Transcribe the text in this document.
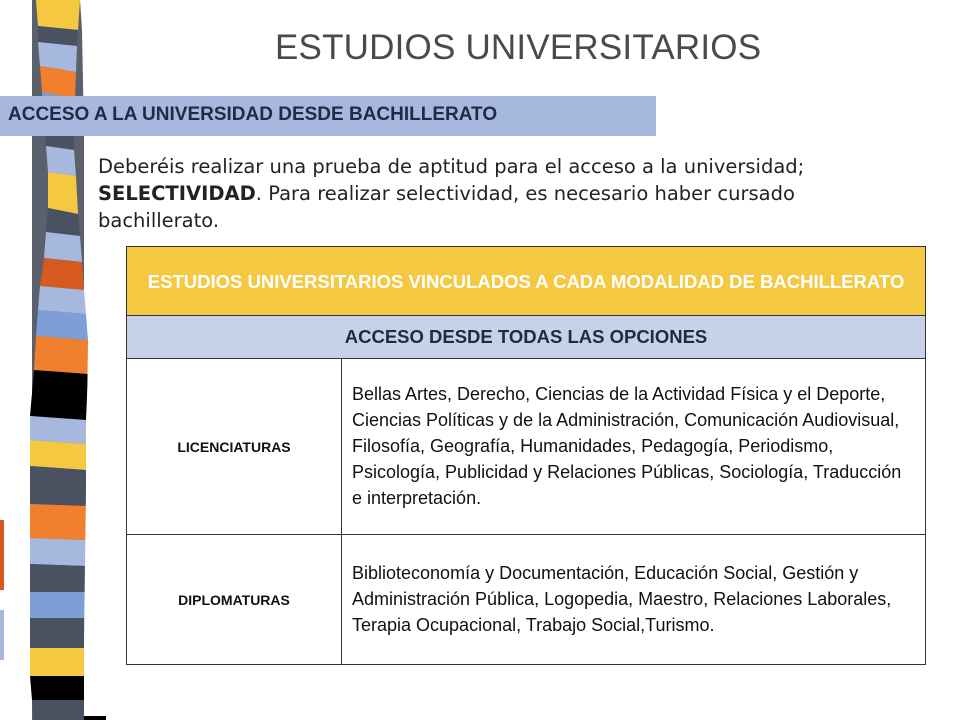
ESTUDIOS UNIVERSITARIOS
ACCESO A LA UNIVERSIDAD DESDE BACHILLERATO
Deberéis realizar una prueba de aptitud para el acceso a la universidad; SELECTIVIDAD. Para realizar selectividad, es necesario haber cursado bachillerato.
ESTUDIOS UNIVERSITARIOS VINCULADOS A CADA MODALIDAD DE BACHILLERATO	
ACCESO DESDE TODAS LAS OPCIONES	
LICENCIATURAS	Bellas Artes, Derecho, Ciencias de la Actividad Física y el Deporte, Ciencias Políticas y de la Administración, Comunicación Audiovisual, Filosofía, Geografía, Humanidades, Pedagogía, Periodismo, Psicología, Publicidad y Relaciones Públicas, Sociología, Traducción e interpretación.
DIPLOMATURAS	Biblioteconomía y Documentación, Educación Social, Gestión y Administración Pública, Logopedia, Maestro, Relaciones Laborales, Terapia Ocupacional, Trabajo Social,Turismo.
